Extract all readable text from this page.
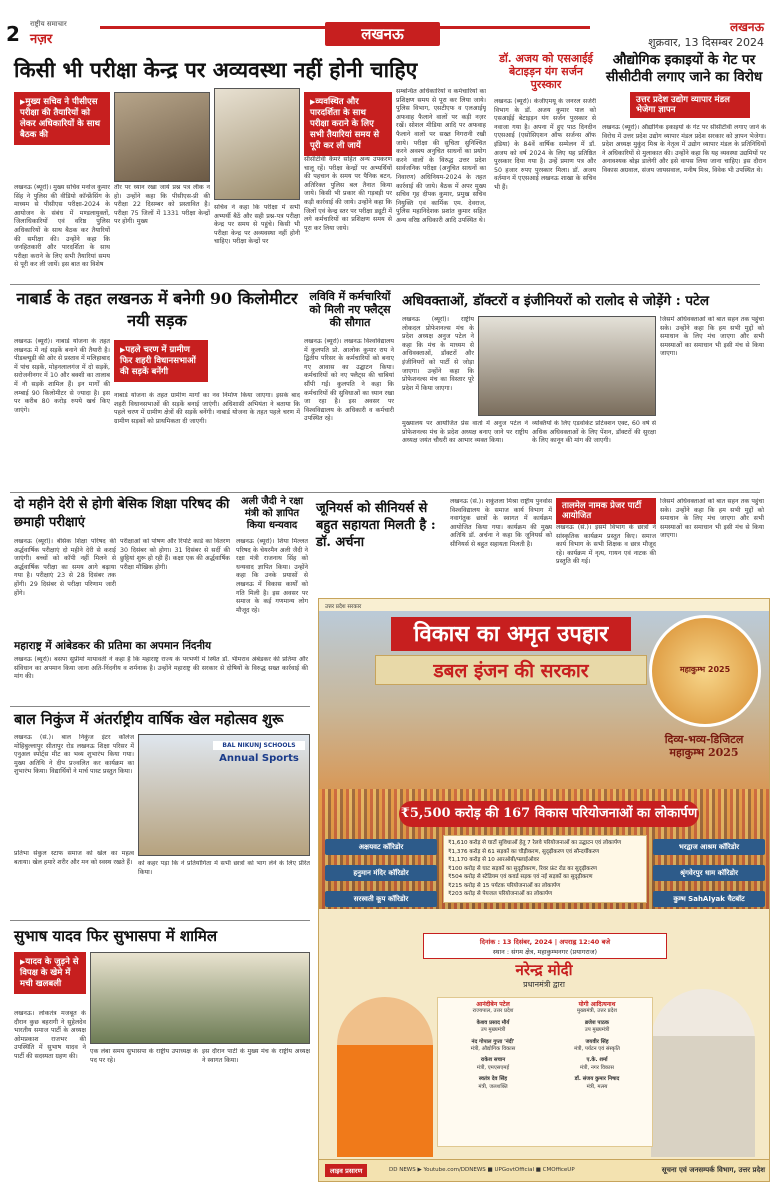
2 राष्ट्रीय समाचार
नज़र	लखनऊ	लखनऊ
शुक्रवार, 13 दिसम्बर 2024
किसी भी परीक्षा केन्द्र पर अव्यवस्था नहीं होनी चाहिए
▶ मुख्य सचिव ने पीसीएस परीक्षा की तैयारियों को लेकर अधिकारियों के साथ बैठक की
लखनऊ (ब्यूरो)। मुख्य सचिव मनोज कुमार सिंह ने पुलिस की वीडियो कॉन्फ्रेंसिंग के माध्यम से पीसीएस परीक्षा-2024 के आयोजन के संबंध में मण्डलायुक्तों, जिलाधिकारियों एवं वरिष्ठ पुलिस अधिकारियों के साथ बैठक कर तैयारियों की समीक्षा की। उन्होंने कहा कि जनहितकारी और पारदर्शिता के साथ परीक्षा कराने के लिए सभी तैयारियां समय से पूरी कर ली जायें। इस बात का विशेष
तौर पर ध्यान रखा जाये प्रश्न पत्र लीक न हो। उन्होंने कहा कि पीसीएस-प्री की परीक्षा 22 दिसम्बर को प्रस्तावित है। परीक्षा 75 जिलों में 1331 परीक्षा केन्द्रों पर होगी। मुख्य
सचिव ने कहा कि परीक्षा में सभी अभ्यर्थी बैठें और सही प्रश्न-पत्र परीक्षा केन्द्र पर समय से पहुंचे। किसी भी परीक्षा केन्द्र पर अव्यवस्था नहीं होनी चाहिए। परीक्षा केन्द्रों पर
▶ व्यवस्थित और पारदर्शिता के साथ परीक्षा कराने के लिए सभी तैयारियां समय से पूरी कर ली जायें
सीसीटीवी कैमरे सहित अन्य उपकरण चालू रहें। परीक्षा केन्द्रों पर अभ्यर्थियों की पहचान के समय पर पैनिक बटन, अतिरिक्त पुलिस बल तैनात किया जाये। किसी भी प्रकार की गड़बड़ी पर कड़ी कार्रवाई की जाये। उन्होंने कहा कि जिलों एवं केन्द्र स्तर पर परीक्षा ड्यूटी में लगे कर्मचारियों का प्रशिक्षण समय से पूरा कर लिया जाये।
सम्बन्धित अधिकारियों व कर्मचारियों का प्रशिक्षण समय से पूरा कर लिया जाये। पुलिस विभाग, एसटीएफ व एलआईयू अफवाह फैलाने वालों पर कड़ी नज़र रखें। सोशल मीडिया आदि पर अफवाह फैलाने वालों पर सख्त निगरानी रखी जाये। परीक्षा की सुचिता सुनिश्चित करने अवश्य अनुचित साधनों का प्रयोग करने वालों के विरुद्ध उत्तर प्रदेश सार्वजनिक परीक्षा (अनुचित साधनों का निवारण) अधिनियम-2024 के तहत कार्रवाई की जाये। बैठक में अपर मुख्य सचिव गृह दीपक कुमार, प्रमुख सचिव नियुक्ति एवं कार्मिक एम. देवराज, पुलिस महानिदेशक प्रशांत कुमार सहित अन्य वरिष्ठ अधिकारी आदि उपस्थित थे।
डॉ. अजय को एसआईई बेटाइड़न यंग सर्जन पुरस्कार
लखनऊ (ब्यूरो)। केजीएमयू के जनरल सर्जरी विभाग के डॉ. अजय कुमार पाल को एसआईई बेटाइड़न यंग सर्जन पुरस्कार से नवाजा गया है। अपना में हुए पाठ दिनदीन एएसआई (एसोसिएशन ऑफ सर्जन्स ऑफ इंडिया) के 84वें वार्षिक सम्मेलन में डॉ. अजय को वर्ष 2024 के लिए यह प्रतिष्ठित पुरस्कार दिया गया है। उन्हें प्रमाण पत्र और 50 हजार रुपए पुरस्कार मिला। डॉ. अजय वर्तमान में एएसआई लखनऊ शाखा के सचिव भी हैं।
औद्योगिक इकाइयों के गेट पर सीसीटीवी लगाए जाने का विरोध
उत्तर प्रदेश उद्योग व्यापार मंडल भेजेगा ज्ञापन
लखनऊ (ब्यूरो)। औद्योगिक इकाइयों के गेट पर सीसीटीवी लगाए जाने के विरोध में उत्तर प्रदेश उद्योग व्यापार मंडल प्रदेश सरकार को ज्ञापन भेजेगा। प्रदेश अध्यक्ष मुकुंद मिश्र के नेतृत्व में उद्योग व्यापार मंडल के प्रतिनिधियों ने अधिकारियों से मुलाकात की। उन्होंने कहा कि यह व्यवस्था उद्यमियों पर अनावश्यक बोझ डालेगी और इसे वापस लिया जाना चाहिए। इस दौरान विकास अग्रवाल, संजय जायसवाल, मनीष मिश्र, विवेक भी उपस्थित थे।
नाबार्ड के तहत लखनऊ में बनेगी 90 किलोमीटर नयी सड़क
लखनऊ (ब्यूरो)। नाबार्ड योजना के तहत लखनऊ में नई सड़कें बनाने की तैयारी है। पीडब्ल्यूडी की ओर से प्रस्ताव में मलिहाबाद में पांच सड़कें, मोहनलालगंज में दो सड़कें, सरोजनीनगर में 10 और बक्शी का तालाब में नौ सड़कें शामिल हैं। इन मार्गों की लम्बाई 90 किलोमीटर से ज्यादा है। इस पर करीब 80 करोड़ रुपये खर्च किए जाएंगे।
▶ पहले चरण में ग्रामीण फिर शहरी विधानसभाओं की सड़कें बनेंगी
नाबार्ड योजना के तहत ग्रामीण मार्गों का नव निर्माण किया जाएगा। इसके बाद शहरी विधानसभाओं की सड़कें बनाई जाएंगी। अधिशासी अभियंता ने बताया कि पहले चरण में ग्रामीण क्षेत्रों की सड़कें बनेंगी। नाबार्ड योजना के तहत पहले चरण में ग्रामीण सड़कों को प्राथमिकता दी जाएगी।
लविवि में कर्मचारियों को मिली नए फ्लैट्स की सौगात
लखनऊ (ब्यूरो)। लखनऊ विश्वविद्यालय में कुलपति प्रो. आलोक कुमार राय ने द्वितीय परिसर के कर्मचारियों को बनाए गए आवास का उद्घाटन किया। कर्मचारियों को नए फ्लैट्स की चाबियां सौंपी गईं। कुलपति ने कहा कि कर्मचारियों की सुविधाओं का ध्यान रखा जा रहा है। इस अवसर पर विश्वविद्यालय के अधिकारी व कर्मचारी उपस्थित रहे।
अधिवक्ताओं, डॉक्टरों व इंजीनियरों को रालोद से जोड़ेंगे : पटेल
लखनऊ (ब्यूरो)। राष्ट्रीय लोकदल प्रोफेशनल्स मंच के प्रदेश अध्यक्ष अनुज पटेल ने कहा कि मंच के माध्यम से अधिवक्ताओं, डॉक्टरों और इंजीनियरों को पार्टी से जोड़ा जाएगा। उन्होंने कहा कि प्रोफेशनल्स मंच का विस्तार पूरे प्रदेश में किया जाएगा।
जिसमें अधिवक्ताओं को बात सहन तक पहुंचा सके। उन्होंने कहा कि हम सभी मुद्दों को समाधान के लिए मंच जाएगा और सभी समस्याओं का समाधान भी इसी मंच से किया जाएगा।
मुख्यालय पर आयोजित प्रेस वार्ता में अनुज पटेल ने प्रोफेशनल्स मंच के प्रदेश अध्यक्ष बनाए जाने पर राष्ट्रीय अध्यक्ष जयंत चौधरी का आभार व्यक्त किया।
व्यक्तियों के लिए एडवोकेट प्रोटेक्शन एक्ट, 60 वर्ष से अधिक अधिवक्ताओं के लिए पेंशन, डॉक्टरों की सुरक्षा के लिए कानून की मांग की जाएगी।
दो महीने देरी से होगी बेसिक शिक्षा परिषद की छमाही परीक्षाएं
लखनऊ (ब्यूरो)। बेसिक शिक्षा परिषद की अर्द्धवार्षिक परीक्षाएं दो महीने देरी से कराई जाएंगी। बच्चों को कॉपी नहीं मिलने से अर्द्धवार्षिक परीक्षा का समय आगे बढ़ाया गया है। परीक्षाएं 23 से 28 दिसंबर तक होंगी। 29 दिसंबर से परीक्षा परिणाम जारी होंगे।
परीक्षाओं को पोषण और रिपोर्ट कार्ड का वितरण 30 दिसंबर को होगा। 31 दिसंबर से सर्दी की छुट्टियां शुरू हो रही हैं। कक्षा एक की अर्द्धवार्षिक परीक्षा मौखिक होगी।
अली जैदी ने रक्षा मंत्री को ज्ञापित किया धन्यवाद
लखनऊ (ब्यूरो)। शिया मिल्लत परिषद के चेयरमैन अली जैदी ने रक्षा मंत्री राजनाथ सिंह को धन्यवाद ज्ञापित किया। उन्होंने कहा कि उनके प्रयासों से लखनऊ में विकास कार्यों को गति मिली है। इस अवसर पर समाज के कई गणमान्य लोग मौजूद रहे।
जूनियर्स को सीनियर्स से बहुत सहायता मिलती है : डॉ. अर्चना
लखनऊ (सं.)। शकुंतला मिश्रा राष्ट्रीय पुनर्वास विश्वविद्यालय के समाज कार्य विभाग में नवागंतुक छात्रों के स्वागत में कार्यक्रम आयोजित किया गया। कार्यक्रम की मुख्य अतिथि डॉ. अर्चना ने कहा कि जूनियर्स को सीनियर्स से बहुत सहायता मिलती है।
तालमेल नामक प्रेजर पार्टी आयोजित
लखनऊ (सं.)। इसमें विभाग के छात्रों ने सांस्कृतिक कार्यक्रम प्रस्तुत किए। समाज कार्य विभाग के सभी शिक्षक व छात्र मौजूद रहे। कार्यक्रम में नृत्य, गायन एवं नाटक की प्रस्तुति की गई।
जिसमें अधिवक्ताओं को बात सहन तक पहुंचा सके। उन्होंने कहा कि हम सभी मुद्दों को समाधान के लिए मंच जाएगा और सभी समस्याओं का समाधान भी इसी मंच से किया जाएगा।
महाराष्ट्र में आंबेडकर की प्रतिमा का अपमान निंदनीय
लखनऊ (ब्यूरो)। बसपा सुप्रीमो मायावती ने कहा है कि महाराष्ट्र राज्य के परभणी में स्थित डॉ. भीमराव अंबेडकर की प्रतिमा और संविधान का अपमान किया जाना अति-निंदनीय व शर्मनाक है। उन्होंने महाराष्ट्र की सरकार से दोषियों के विरुद्ध सख्त कार्रवाई की मांग की।
बाल निकुंज में अंतर्राष्ट्रीय वार्षिक खेल महोत्सव शुरू
लखनऊ (सं.)। बाल निकुंज इंटर कॉलेज मोहिबुल्लापुर सीतापुर रोड लखनऊ शिक्षा परिसर में एनुअल स्पोर्ट्स मीट का भव्य शुभारंभ किया गया। मुख्य अतिथि ने दीप प्रज्वलित कर कार्यक्रम का शुभारंभ किया। विद्यार्थियों ने मार्च पास्ट प्रस्तुत किया।
BAL NIKUNJ SCHOOLS
Annual Sports
प्रतिभा सेकुल स्टाफ समाज को खेल का महत्व बताया। खेल हमारे शरीर और मन को स्वस्थ रखते हैं। को कहर पड़ा कि ने प्रतियोगिता में सभी छात्रों को भाग लेने के लिए प्रेरित किया।
सुभाष यादव फिर सुभासपा में शामिल
▶ यादव के जुड़ने से विपक्ष के खेमे में मची खलबली
लखनऊ। लोकतंत्र मजबूत के दौरान कुछ बहरागी ने सुहेलदेव भारतीय समाज पार्टी के अध्यक्ष ओमप्रकाश राजभर की उपस्थिति में सुभाष यादव ने पार्टी की सदस्यता ग्रहण की।
एक लंबा समय सुभासपा के राष्ट्रीय उपाध्यक्ष के पद पर रहे।
इस दौरान पार्टी के मुख्य मंच के राष्ट्रीय अध्यक्ष ने स्वागत किया।
उत्तर प्रदेश सरकार
विकास का अमृत उपहार
डबल इंजन की सरकार	महाकुम्भ 2025
दिव्य-भव्य-डिजिटल महाकुम्भ 2025
₹5,500 करोड़ की 167 विकास परियोजनाओं का लोकार्पण
अक्षयवट कॉरिडोर
हनुमान मंदिर कॉरिडोर
सरस्वती कूप कॉरिडोर
₹1,610 करोड़ से घाटों सुविधाओं हेतु 7 रेलवे परियोजनाओं का उद्घाटन एवं लोकार्पण
₹1,376 करोड़ से 61 सड़कों का चौड़ीकरण, सुदृढ़ीकरण एवं सौन्दर्यीकरण
₹1,170 करोड़ से 10 आरओबी/फ्लाईओवर
₹100 करोड़ से घाट सड़कों का सुदृढ़ीकरण, रिवर फ्रंट रोड का सुदृढ़ीकरण
₹504 करोड़ से स्टेडियम एवं कवर्ड सड़क एवं नई सड़कों का सुदृढ़ीकरण
₹215 करोड़ से 15 पर्यटक परियोजनाओं का लोकार्पण
₹203 करोड़ से पेयजल परियोजनाओं का लोकार्पण
भरद्वाज आश्रम कॉरिडोर
श्रृंगवेरपुर धाम कॉरिडोर
कुम्भ SahAIyak चैटबॉट
दिनांक : 13 दिसंबर, 2024 | अपराह्न 12:40 बजे
स्थान : संगम क्षेत्र, महाकुम्भनगर (प्रयागराज)
नरेन्द्र मोदी
प्रधानमंत्री द्वारा
आनंदीबेन पटेल
राज्यपाल, उत्तर प्रदेश
केशव प्रसाद मौर्य
उप मुख्यमंत्री
नंद गोपाल गुप्ता 'नंदी'
मंत्री, औद्योगिक विकास
राकेश सचान
मंत्री, एमएसएमई
स्वतंत्र देव सिंह
मंत्री, जलशक्ति
योगी आदित्यनाथ
मुख्यमंत्री, उत्तर प्रदेश
ब्रजेश पाठक
उप मुख्यमंत्री
जयवीर सिंह
मंत्री, पर्यटन एवं संस्कृति
ए.के. शर्मा
मंत्री, नगर विकास
डॉ. संजय कुमार निषाद
मंत्री, मत्स्य
लाइव प्रसारण	DD NEWS ▶ Youtube.com/DDNEWS ■ UPGovtOfficial ■ CMOfficeUP	सूचना एवं जनसम्पर्क विभाग, उत्तर प्रदेश
